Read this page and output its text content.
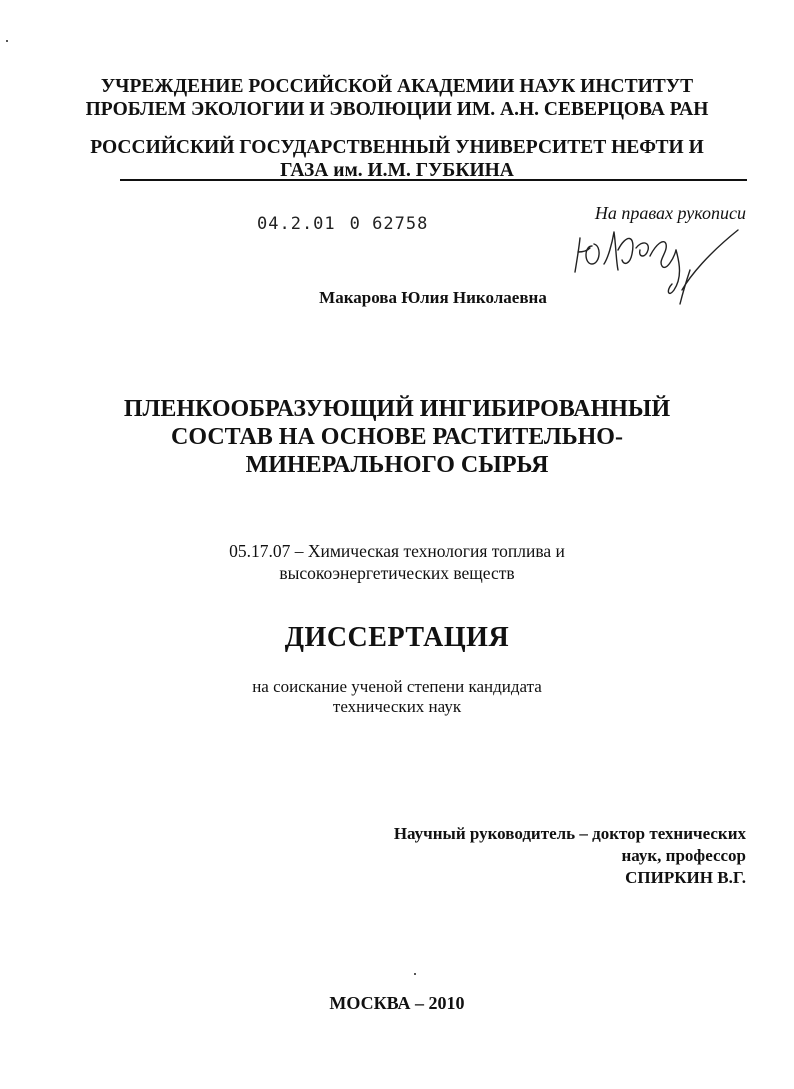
УЧРЕЖДЕНИЕ РОССИЙСКОЙ АКАДЕМИИ НАУК ИНСТИТУТ
ПРОБЛЕМ ЭКОЛОГИИ И ЭВОЛЮЦИИ ИМ. А.Н. СЕВЕРЦОВА РАН
РОССИЙСКИЙ ГОСУДАРСТВЕННЫЙ УНИВЕРСИТЕТ НЕФТИ И
ГАЗА им. И.М. ГУБКИНА
04.2.01 0 62758
На правах рукописи
Макарова Юлия Николаевна
ПЛЕНКООБРАЗУЮЩИЙ ИНГИБИРОВАННЫЙ
СОСТАВ НА ОСНОВЕ РАСТИТЕЛЬНО-
МИНЕРАЛЬНОГО СЫРЬЯ
05.17.07 – Химическая технология топлива и
высокоэнергетических веществ
ДИССЕРТАЦИЯ
на соискание ученой степени кандидата
технических наук
Научный руководитель – доктор технических
наук, профессор
СПИРКИН В.Г.
МОСКВА – 2010
